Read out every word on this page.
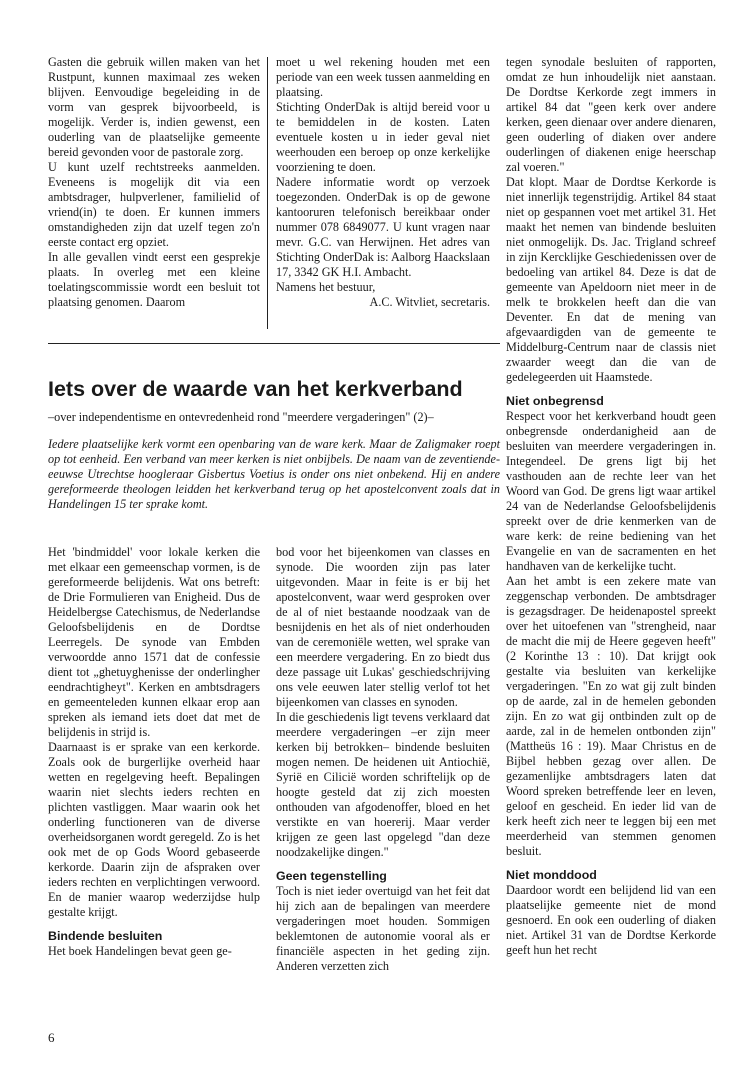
Gasten die gebruik willen maken van het Rustpunt, kunnen maximaal zes weken blijven. Eenvoudige begeleiding in de vorm van gesprek bijvoorbeeld, is mogelijk. Verder is, indien gewenst, een ouderling van de plaatselijke gemeente bereid gevonden voor de pastorale zorg.

U kunt uzelf rechtstreeks aanmelden. Eveneens is mogelijk dit via een ambtsdrager, hulpverlener, familielid of vriend(in) te doen. Er kunnen immers omstandigheden zijn dat uzelf tegen zo'n eerste contact erg opziet.

In alle gevallen vindt eerst een gesprekje plaats. In overleg met een kleine toelatingscommissie wordt een besluit tot plaatsing genomen. Daarom

moet u wel rekening houden met een periode van een week tussen aanmelding en plaatsing.

Stichting OnderDak is altijd bereid voor u te bemiddelen in de kosten. Laten eventuele kosten u in ieder geval niet weerhouden een beroep op onze kerkelijke voorziening te doen.

Nadere informatie wordt op verzoek toegezonden. OnderDak is op de gewone kantooruren telefonisch bereikbaar onder nummer 078 6849077. U kunt vragen naar mevr. G.C. van Herwijnen. Het adres van Stichting OnderDak is: Aalborg Haackslaan 17, 3342 GK H.I. Ambacht.

Namens het bestuur,

A.C. Witvliet, secretaris.

Iets over de waarde van het kerkverband
–over independentisme en ontevredenheid rond "meerdere vergaderingen" (2)–

Iedere plaatselijke kerk vormt een openbaring van de ware kerk. Maar de Zaligmaker roept op tot eenheid. Een verband van meer kerken is niet onbijbels. De naam van de zeventiende-eeuwse Utrechtse hoogleraar Gisbertus Voetius is onder ons niet onbekend. Hij en andere gereformeerde theologen leidden het kerkverband terug op het apostelconvent zoals dat in Handelingen 15 ter sprake komt.

Het 'bindmiddel' voor lokale kerken die met elkaar een gemeenschap vormen, is de gereformeerde belijdenis. Wat ons betreft: de Drie Formulieren van Enigheid. Dus de Heidelbergse Catechismus, de Nederlandse Geloofsbelijdenis en de Dordtse Leerregels. De synode van Embden verwoordde anno 1571 dat de confessie dient tot „ghetuyghenisse der onderlingher eendrachtigheyt". Kerken en ambtsdragers en gemeenteleden kunnen elkaar erop aan spreken als iemand iets doet dat met de belijdenis in strijd is.

Daarnaast is er sprake van een kerkorde. Zoals ook de burgerlijke overheid haar wetten en regelgeving heeft. Bepalingen waarin niet slechts ieders rechten en plichten vastliggen. Maar waarin ook het onderling functioneren van de diverse overheidsorganen wordt geregeld. Zo is het ook met de op Gods Woord gebaseerde kerkorde. Daarin zijn de afspraken over ieders rechten en verplichtingen verwoord. En de manier waarop wederzijdse hulp gestalte krijgt.

Bindende besluiten

Het boek Handelingen bevat geen ge-

bod voor het bijeenkomen van classes en synode. Die woorden zijn pas later uitgevonden. Maar in feite is er bij het apostelconvent, waar werd gesproken over de al of niet bestaande noodzaak van de besnijdenis en het als of niet onderhouden van de ceremoniële wetten, wel sprake van een meerdere vergadering. En zo biedt dus deze passage uit Lukas' geschiedschrijving ons vele eeuwen later stellig verlof tot het bijeenkomen van classes en synoden.

In die geschiedenis ligt tevens verklaard dat meerdere vergaderingen –er zijn meer kerken bij betrokken– bindende besluiten mogen nemen. De heidenen uit Antiochië, Syrië en Cilicië worden schriftelijk op de hoogte gesteld dat zij zich moesten onthouden van afgodenoffer, bloed en het verstikte en van hoererij. Maar verder krijgen ze geen last opgelegd "dan deze noodzakelijke dingen."

Geen tegenstelling

Toch is niet ieder overtuigd van het feit dat hij zich aan de bepalingen van meerdere vergaderingen moet houden. Sommigen beklemtonen de autonomie vooral als er financiële aspecten in het geding zijn. Anderen verzetten zich

tegen synodale besluiten of rapporten, omdat ze hun inhoudelijk niet aanstaan. De Dordtse Kerkorde zegt immers in artikel 84 dat "geen kerk over andere kerken, geen dienaar over andere dienaren, geen ouderling of diaken over andere ouderlingen of diakenen enige heerschap zal voeren."

Dat klopt. Maar de Dordtse Kerkorde is niet innerlijk tegenstrijdig. Artikel 84 staat niet op gespannen voet met artikel 31. Het maakt het nemen van bindende besluiten niet onmogelijk. Ds. Jac. Trigland schreef in zijn Kercklijke Geschiedenissen over de bedoeling van artikel 84. Deze is dat de gemeente van Apeldoorn niet meer in de melk te brokkelen heeft dan die van Deventer. En dat de mening van afgevaardigden van de gemeente te Middelburg-Centrum naar de classis niet zwaarder weegt dan die van de gedelegeerden uit Haamstede.

Niet onbegrensd

Respect voor het kerkverband houdt geen onbegrensde onderdanigheid aan de besluiten van meerdere vergaderingen in. Integendeel. De grens ligt bij het vasthouden aan de rechte leer van het Woord van God. De grens ligt waar artikel 24 van de Nederlandse Geloofsbelijdenis spreekt over de drie kenmerken van de ware kerk: de reine bediening van het Evangelie en van de sacramenten en het handhaven van de kerkelijke tucht.

Aan het ambt is een zekere mate van zeggenschap verbonden. De ambtsdrager is gezagsdrager. De heidenapostel spreekt over het uitoefenen van "strengheid, naar de macht die mij de Heere gegeven heeft" (2 Korinthe 13 : 10). Dat krijgt ook gestalte via besluiten van kerkelijke vergaderingen. "En zo wat gij zult binden op de aarde, zal in de hemelen gebonden zijn. En zo wat gij ontbinden zult op de aarde, zal in de hemelen ontbonden zijn" (Mattheüs 16 : 19). Maar Christus en de Bijbel hebben gezag over allen. De gezamenlijke ambtsdragers laten dat Woord spreken betreffende leer en leven, geloof en gescheid. En ieder lid van de kerk heeft zich neer te leggen bij een met meerderheid van stemmen genomen besluit.

Niet monddood

Daardoor wordt een belijdend lid van een plaatselijke gemeente niet de mond gesnoerd. En ook een ouderling of diaken niet. Artikel 31 van de Dordtse Kerkorde geeft hun het recht

6
